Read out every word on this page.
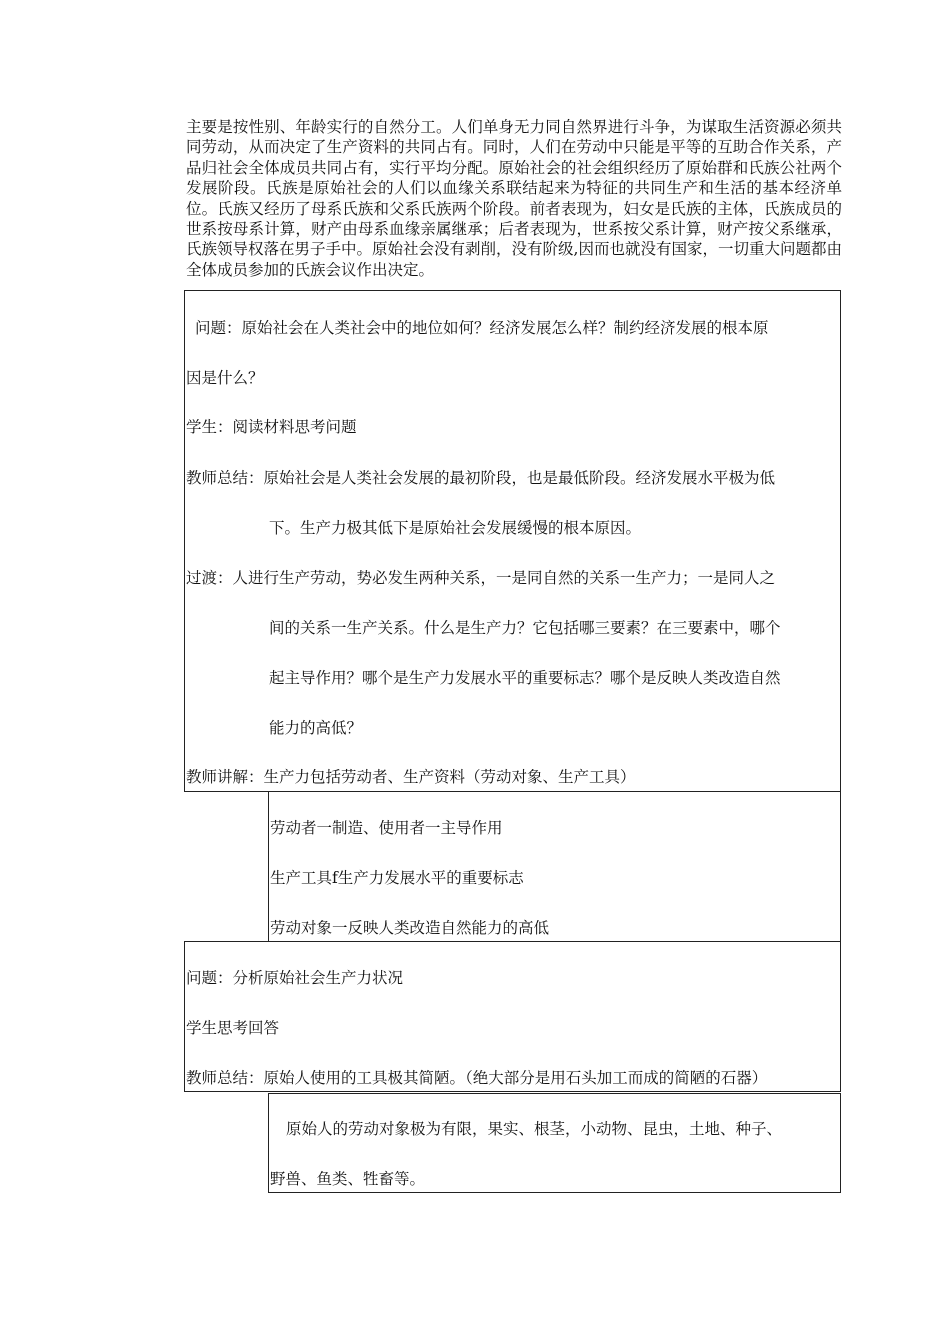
主要是按性别、年龄实行的自然分工。人们单身无力同自然界进行斗争，为谋取生活资源必须共同劳动，从而决定了生产资料的共同占有。同时，人们在劳动中只能是平等的互助合作关系，产品归社会全体成员共同占有，实行平均分配。原始社会的社会组织经历了原始群和氏族公社两个发展阶段。氏族是原始社会的人们以血缘关系联结起来为特征的共同生产和生活的基本经济单位。氏族又经历了母系氏族和父系氏族两个阶段。前者表现为，妇女是氏族的主体，氏族成员的世系按母系计算，财产由母系血缘亲属继承；后者表现为，世系按父系计算，财产按父系继承，氏族领导权落在男子手中。原始社会没有剥削，没有阶级,因而也就没有国家，一切重大问题都由全体成员参加的氏族会议作出决定。

问题：原始社会在人类社会中的地位如何？经济发展怎么样？制约经济发展的根本原

因是什么？

学生：阅读材料思考问题

教师总结：原始社会是人类社会发展的最初阶段，也是最低阶段。经济发展水平极为低

下。生产力极其低下是原始社会发展缓慢的根本原因。

过渡：人进行生产劳动，势必发生两种关系，一是同自然的关系一生产力；一是同人之

间的关系一生产关系。什么是生产力？它包括哪三要素？在三要素中，哪个

起主导作用？哪个是生产力发展水平的重要标志？哪个是反映人类改造自然

能力的高低？

教师讲解：生产力包括劳动者、生产资料（劳动对象、生产工具）

劳动者一制造、使用者一主导作用

生产工具f生产力发展水平的重要标志

劳动对象一反映人类改造自然能力的高低

问题：分析原始社会生产力状况

学生思考回答

教师总结：原始人使用的工具极其简陋。（绝大部分是用石头加工而成的简陋的石器）

原始人的劳动对象极为有限，果实、根茎，小动物、昆虫，土地、种子、

野兽、鱼类、牲畜等。
